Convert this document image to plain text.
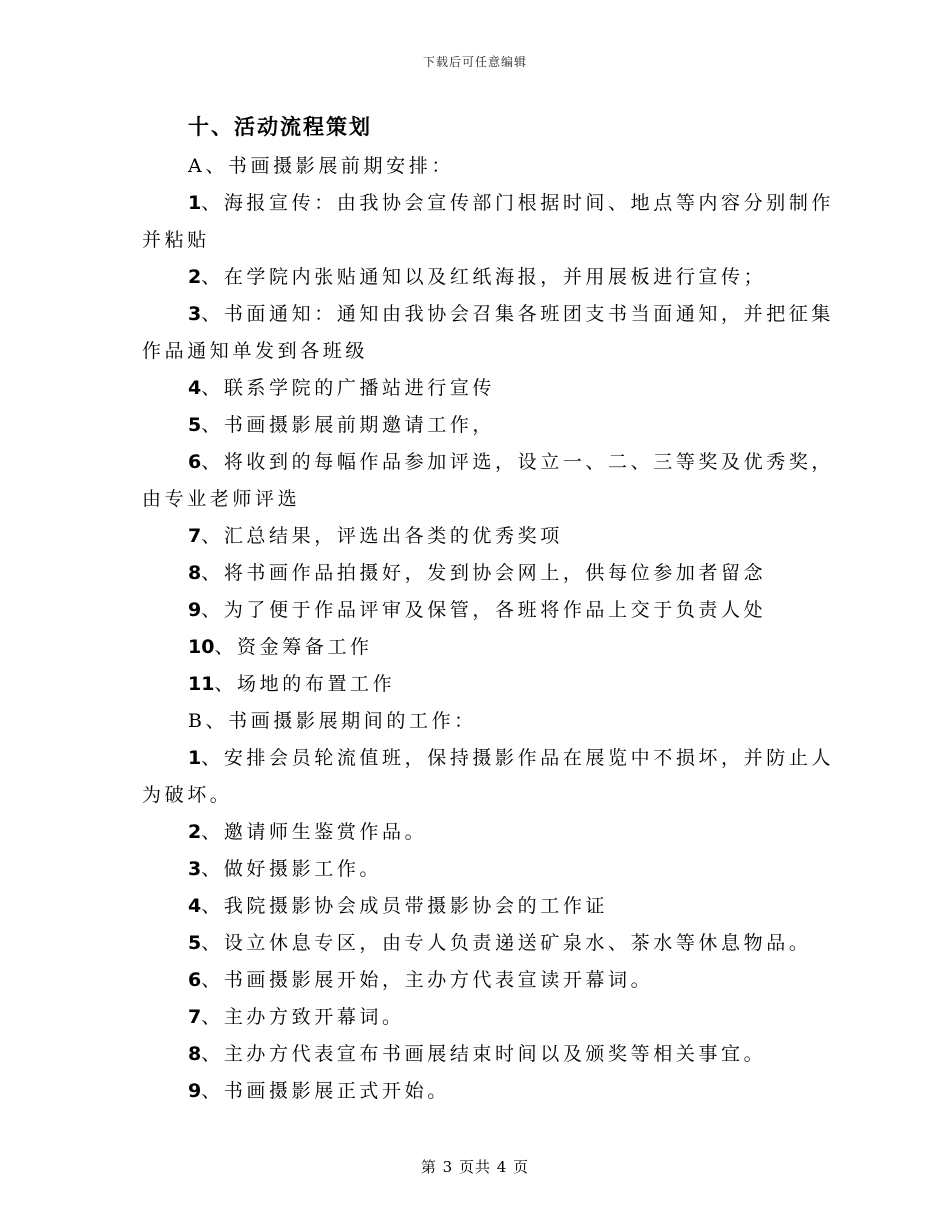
下载后可任意编辑
十、活动流程策划
A、书画摄影展前期安排：
1、海报宣传：由我协会宣传部门根据时间、地点等内容分别制作
并粘贴
2、在学院内张贴通知以及红纸海报，并用展板进行宣传；
3、书面通知：通知由我协会召集各班团支书当面通知，并把征集
作品通知单发到各班级
4、联系学院的广播站进行宣传
5、书画摄影展前期邀请工作，
6、将收到的每幅作品参加评选，设立一、二、三等奖及优秀奖，
由专业老师评选
7、汇总结果，评选出各类的优秀奖项
8、将书画作品拍摄好，发到协会网上，供每位参加者留念
9、为了便于作品评审及保管，各班将作品上交于负责人处
10、资金筹备工作
11、场地的布置工作
B、书画摄影展期间的工作：
1、安排会员轮流值班，保持摄影作品在展览中不损坏，并防止人
为破坏。
2、邀请师生鉴赏作品。
3、做好摄影工作。
4、我院摄影协会成员带摄影协会的工作证
5、设立休息专区，由专人负责递送矿泉水、茶水等休息物品。
6、书画摄影展开始，主办方代表宣读开幕词。
7、主办方致开幕词。
8、主办方代表宣布书画展结束时间以及颁奖等相关事宜。
9、书画摄影展正式开始。
第 3 页共 4 页
